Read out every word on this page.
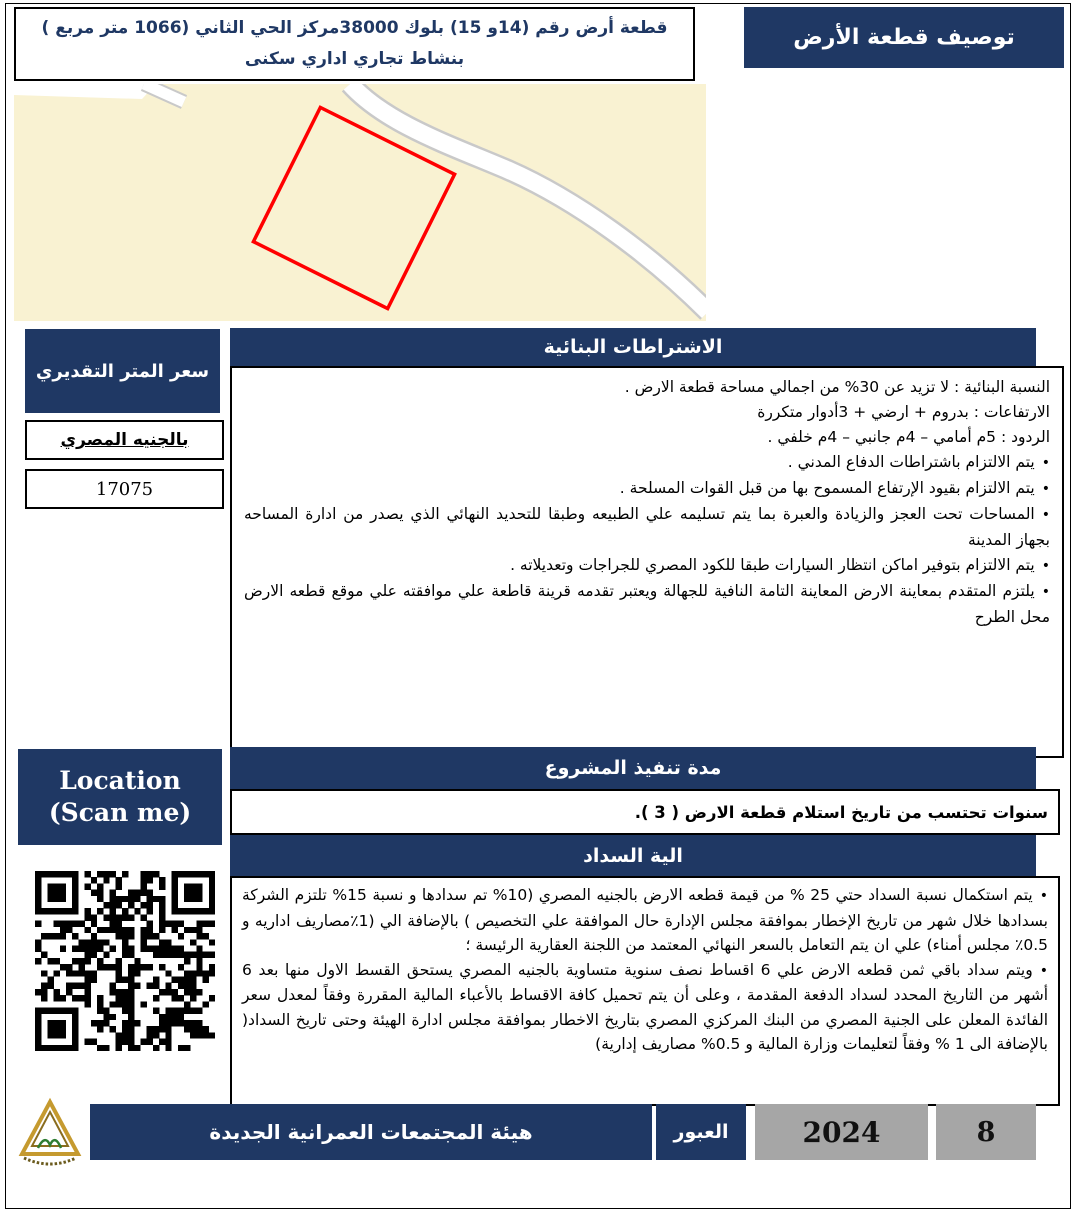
توصيف قطعة الأرض
قطعة أرض رقم (14و 15) بلوك 38000مركز الحي الثاني (1066 متر مربع ) بنشاط تجاري اداري سكنى
سعر المتر التقديري
بالجنيه المصري
17075
الاشتراطات البنائية
النسبة البنائية : لا تزيد عن 30% من اجمالي مساحة قطعة الارض .
الارتفاعات : بدروم + ارضي + 3أدوار متكررة
الردود : 5م أمامي – 4م جانبي – 4م خلفي .
•يتم الالتزام باشتراطات الدفاع المدني .
•يتم الالتزام بقيود الإرتفاع المسموح بها من قبل القوات المسلحة .
•المساحات تحت العجز والزيادة والعبرة بما يتم تسليمه علي الطبيعه وطبقا للتحديد النهائي الذي يصدر من ادارة المساحه بجهاز المدينة
•يتم الالتزام بتوفير اماكن انتظار السيارات طبقا للكود المصري للجراجات وتعديلاته .
•يلتزم المتقدم بمعاينة الارض المعاينة التامة النافية للجهالة ويعتبر تقدمه قرينة قاطعة علي موافقته علي موقع قطعه الارض محل الطرح
Location
(Scan me)
مدة تنفيذ المشروع
سنوات تحتسب من تاريخ استلام قطعة الارض ( 3 ).
الية السداد
•يتم استكمال نسبة السداد حتي 25 % من قيمة قطعه الارض بالجنيه المصري (10% تم سدادها و نسبة 15% تلتزم الشركة بسدادها خلال شهر من تاريخ الإخطار بموافقة مجلس الإدارة حال الموافقة علي التخصيص ) بالإضافة الي (1٪مصاريف اداريه و 0.5٪ مجلس أمناء) علي ان يتم التعامل بالسعر النهائي المعتمد من اللجنة العقارية الرئيسة ؛
•ويتم سداد باقي ثمن قطعه الارض علي 6 اقساط نصف سنوية متساوية بالجنيه المصري يستحق القسط الاول منها بعد 6 أشهر من التاريخ المحدد لسداد الدفعة المقدمة ، وعلى أن يتم تحميل كافة الاقساط بالأعباء المالية المقررة وفقاً لمعدل سعر الفائدة المعلن على الجنية المصري من البنك المركزي المصري بتاريخ الاخطار بموافقة مجلس ادارة الهيئة وحتى تاريخ السداد( بالإضافة الى 1 % وفقاً لتعليمات وزارة المالية و 0.5% مصاريف إدارية)
هيئة المجتمعات العمرانية الجديدة	العبور	2024	8
